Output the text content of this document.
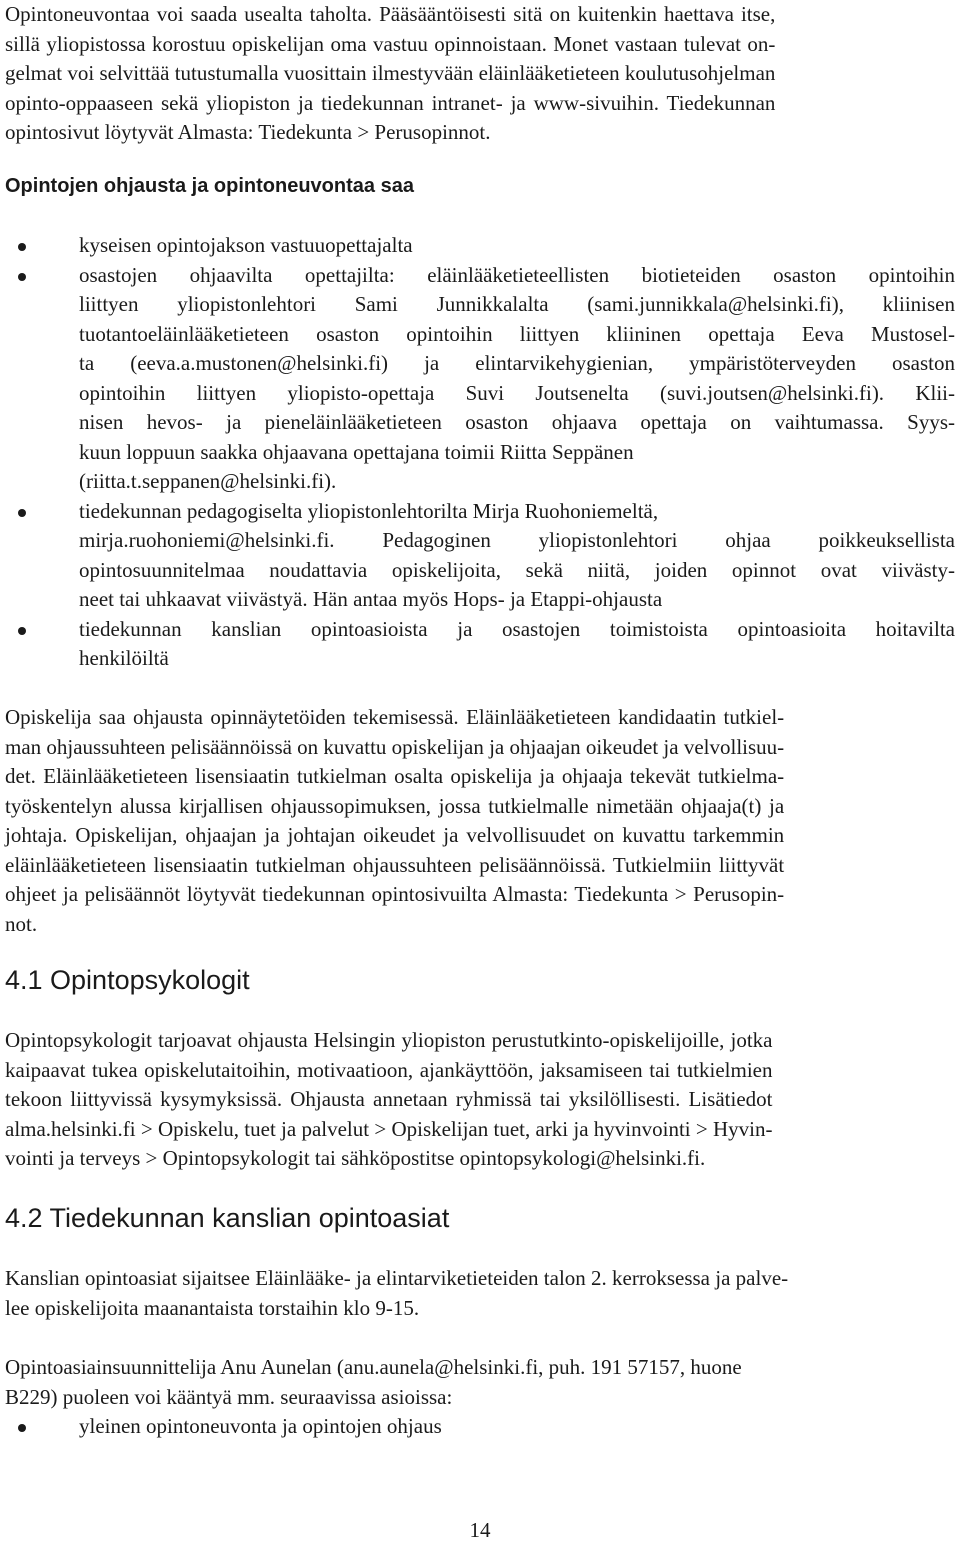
Opintoneuvontaa voi saada usealta taholta. Pääsääntöisesti sitä on kuitenkin haettava itse,
sillä yliopistossa korostuu opiskelijan oma vastuu opinnoistaan. Monet vastaan tulevat on-
gelmat voi selvittää tutustumalla vuosittain ilmestyvään eläinlääketieteen koulutusohjelman
opinto-oppaaseen sekä yliopiston ja tiedekunnan intranet- ja www-sivuihin. Tiedekunnan
opintosivut löytyvät Almasta: Tiedekunta > Perusopinnot.
Opintojen ohjausta ja opintoneuvontaa saa
kyseisen opintojakson vastuuopettajalta
osastojen ohjaavilta opettajilta: eläinlääketieteellisten biotieteiden osaston opintoihin
liittyen yliopistonlehtori Sami Junnikkalalta (sami.junnikkala@helsinki.fi), kliinisen
tuotantoeläinlääketieteen osaston opintoihin liittyen kliininen opettaja Eeva Mustosel-
ta (eeva.a.mustonen@helsinki.fi) ja elintarvikehygienian, ympäristöterveyden osaston
opintoihin liittyen yliopisto-opettaja Suvi Joutsenelta (suvi.joutsen@helsinki.fi). Klii-
nisen hevos- ja pieneläinlääketieteen osaston ohjaava opettaja on vaihtumassa. Syys-
kuun loppuun saakka ohjaavana opettajana toimii Riitta Seppänen
(riitta.t.seppanen@helsinki.fi).
tiedekunnan pedagogiselta yliopistonlehtorilta Mirja Ruohoniemeltä,
mirja.ruohoniemi@helsinki.fi. Pedagoginen yliopistonlehtori ohjaa poikkeuksellista
opintosuunnitelmaa noudattavia opiskelijoita, sekä niitä, joiden opinnot ovat viivästy-
neet tai uhkaavat viivästyä. Hän antaa myös Hops- ja Etappi-ohjausta
tiedekunnan kanslian opintoasioista ja osastojen toimistoista opintoasioita hoitavilta
henkilöiltä
Opiskelija saa ohjausta opinnäytetöiden tekemisessä. Eläinlääketieteen kandidaatin tutkiel-
man ohjaussuhteen pelisäännöissä on kuvattu opiskelijan ja ohjaajan oikeudet ja velvollisuu-
det. Eläinlääketieteen lisensiaatin tutkielman osalta opiskelija ja ohjaaja tekevät tutkielma-
työskentelyn alussa kirjallisen ohjaussopimuksen, jossa tutkielmalle nimetään ohjaaja(t) ja
johtaja. Opiskelijan, ohjaajan ja johtajan oikeudet ja velvollisuudet on kuvattu tarkemmin
eläinlääketieteen lisensiaatin tutkielman ohjaussuhteen pelisäännöissä. Tutkielmiin liittyvät
ohjeet ja pelisäännöt löytyvät tiedekunnan opintosivuilta Almasta: Tiedekunta > Perusopin-
not.
4.1 Opintopsykologit
Opintopsykologit tarjoavat ohjausta Helsingin yliopiston perustutkinto-opiskelijoille, jotka
kaipaavat tukea opiskelutaitoihin, motivaatioon, ajankäyttöön, jaksamiseen tai tutkielmien
tekoon liittyvissä kysymyksissä. Ohjausta annetaan ryhmissä tai yksilöllisesti. Lisätiedot
alma.helsinki.fi > Opiskelu, tuet ja palvelut > Opiskelijan tuet, arki ja hyvinvointi > Hyvin-
vointi ja terveys > Opintopsykologit tai sähköpostitse opintopsykologi@helsinki.fi.
4.2 Tiedekunnan kanslian opintoasiat
Kanslian opintoasiat sijaitsee Eläinlääke- ja elintarviketieteiden talon 2. kerroksessa ja palve-
lee opiskelijoita maanantaista torstaihin klo 9-15.
Opintoasiainsuunnittelija Anu Aunelan (anu.aunela@helsinki.fi, puh. 191 57157, huone
B229) puoleen voi kääntyä mm. seuraavissa asioissa:
yleinen opintoneuvonta ja opintojen ohjaus
14
